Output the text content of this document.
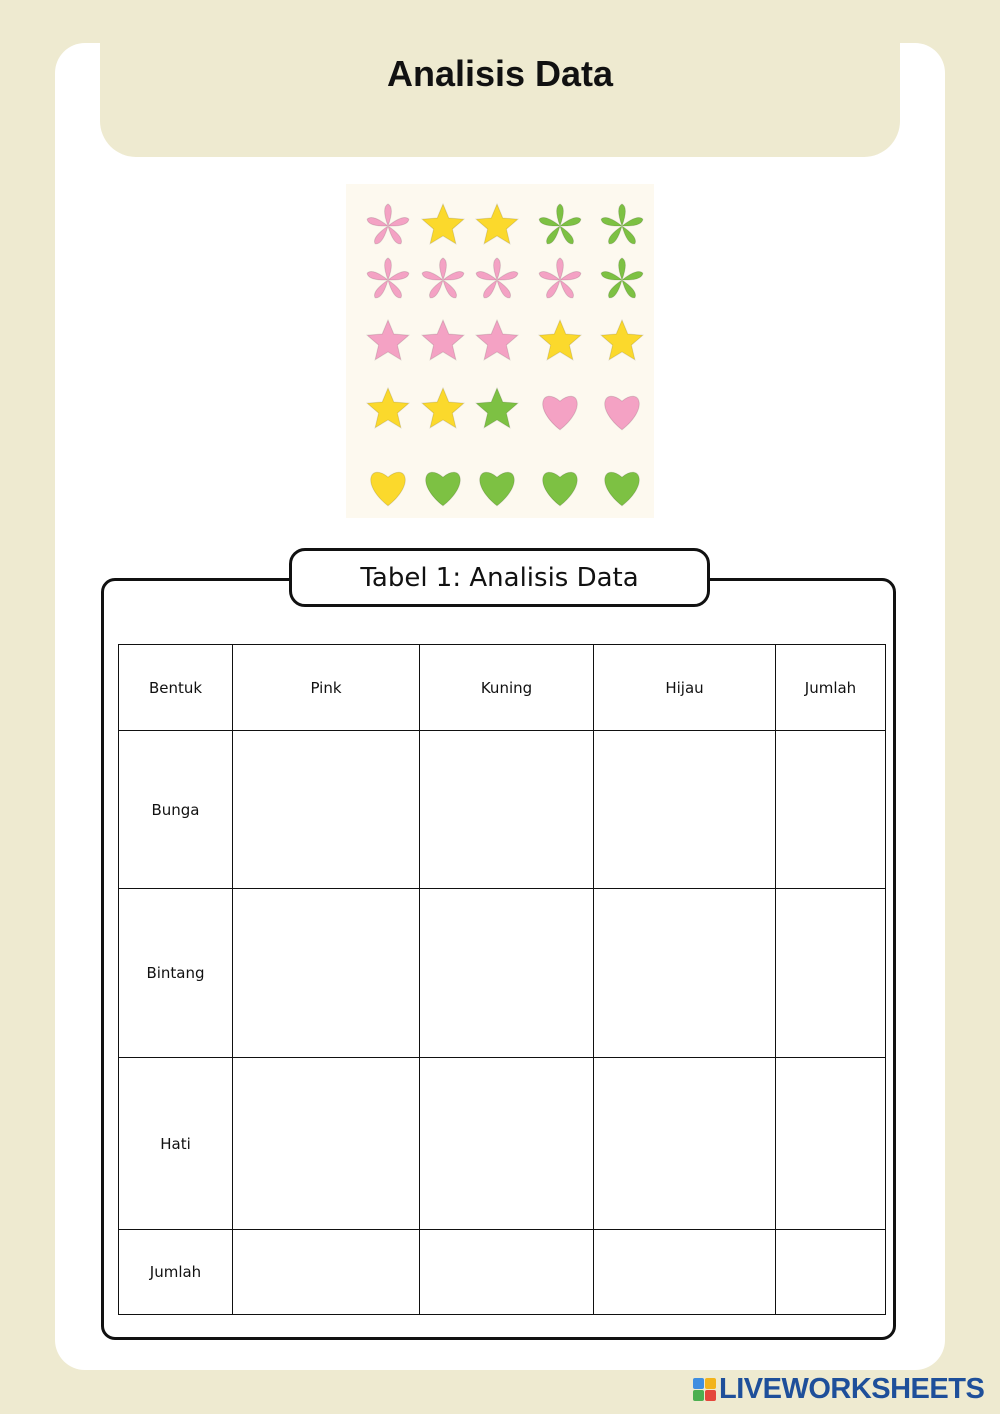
Analisis Data
Tabel 1: Analisis Data
Bentuk	Pink	Kuning	Hijau	Jumlah
Bunga				
Bintang				
Hati				
Jumlah				
LIVEWORKSHEETS
